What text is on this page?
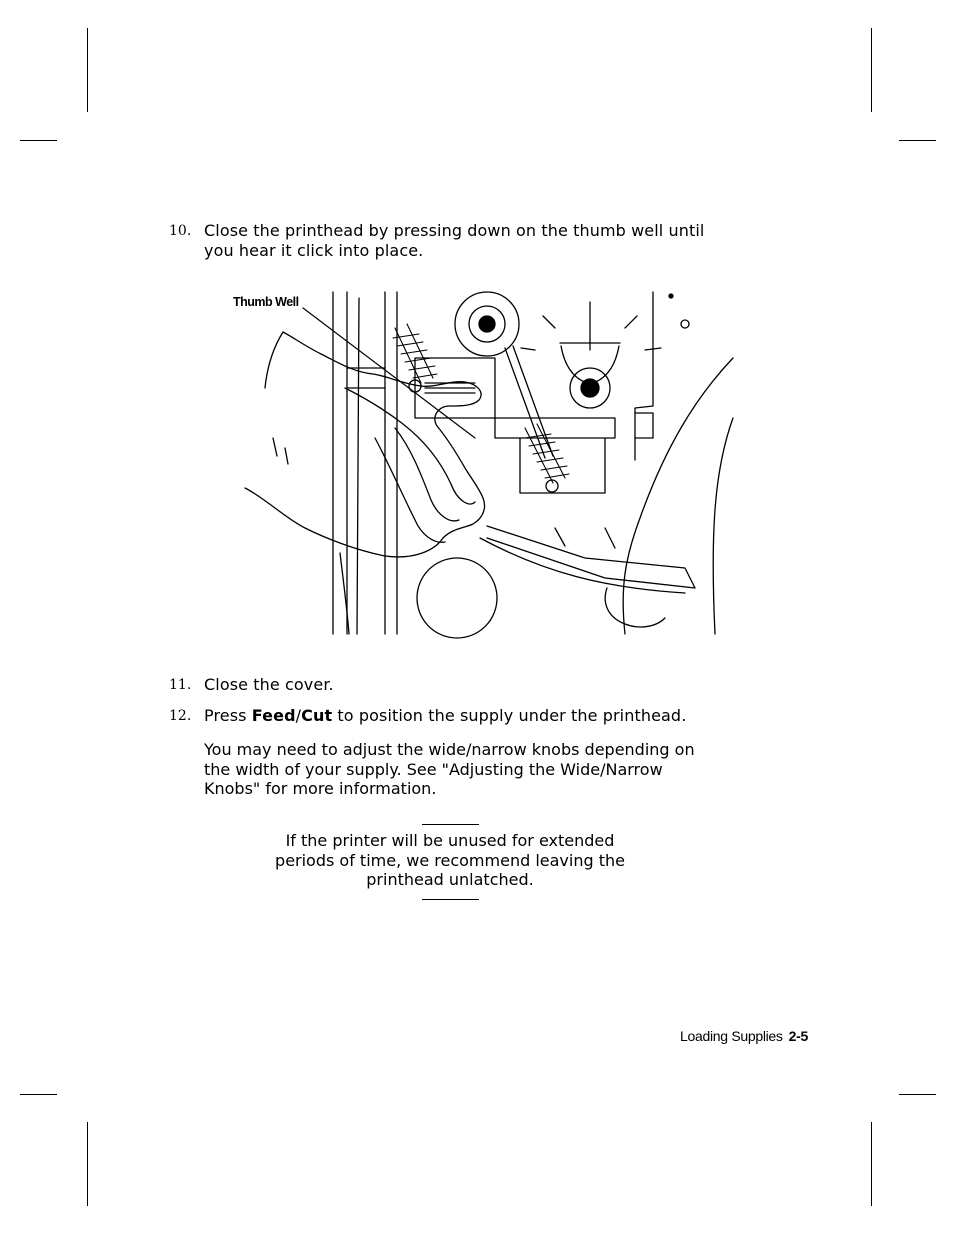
10. Close the printhead by pressing down on the thumb well until
you hear it click into place.
Thumb Well
11. Close the cover.
12. Press Feed/Cut to position the supply under the printhead.
You may need to adjust the wide/narrow knobs depending on
the width of your supply. See "Adjusting the Wide/Narrow
Knobs" for more information.
If the printer will be unused for extended
periods of time, we recommend leaving the
printhead unlatched.
Loading Supplies 2-5
